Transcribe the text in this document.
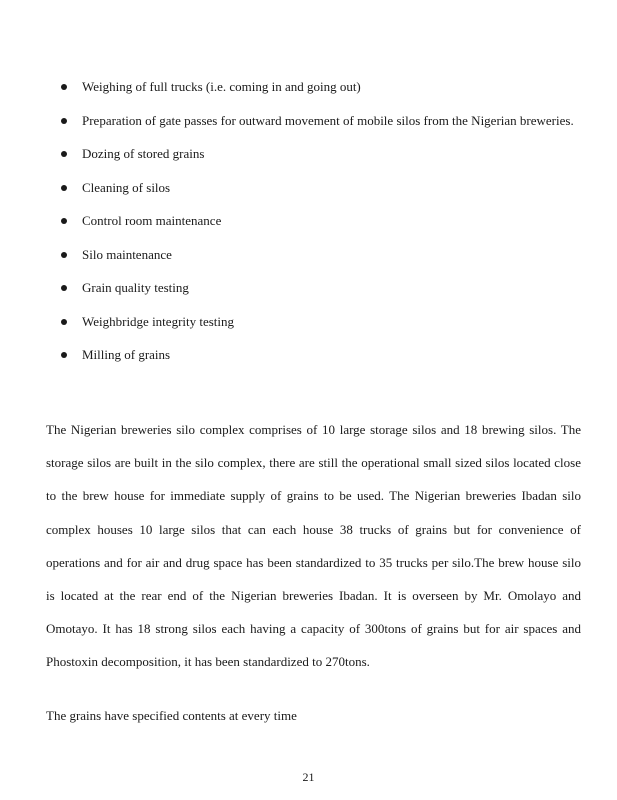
Weighing of full trucks (i.e. coming in and going out)
Preparation of gate passes for outward movement of mobile silos from the Nigerian breweries.
Dozing of stored grains
Cleaning of silos
Control room maintenance
Silo maintenance
Grain quality testing
Weighbridge integrity testing
Milling of grains

The Nigerian breweries silo complex comprises of 10 large storage silos and 18 brewing silos. The storage silos are built in the silo complex, there are still the operational small sized silos located close to the brew house for immediate supply of grains to be used. The Nigerian breweries Ibadan silo complex houses 10 large silos that can each house 38 trucks of grains but for convenience of operations and for air and drug space has been standardized to 35 trucks per silo.The brew house silo is located at the rear end of the Nigerian breweries Ibadan. It is overseen by Mr. Omolayo and Omotayo. It has 18 strong silos each having a capacity of 300tons of grains but for air spaces and Phostoxin decomposition, it has been standardized to 270tons.

The grains have specified contents at every time

21
